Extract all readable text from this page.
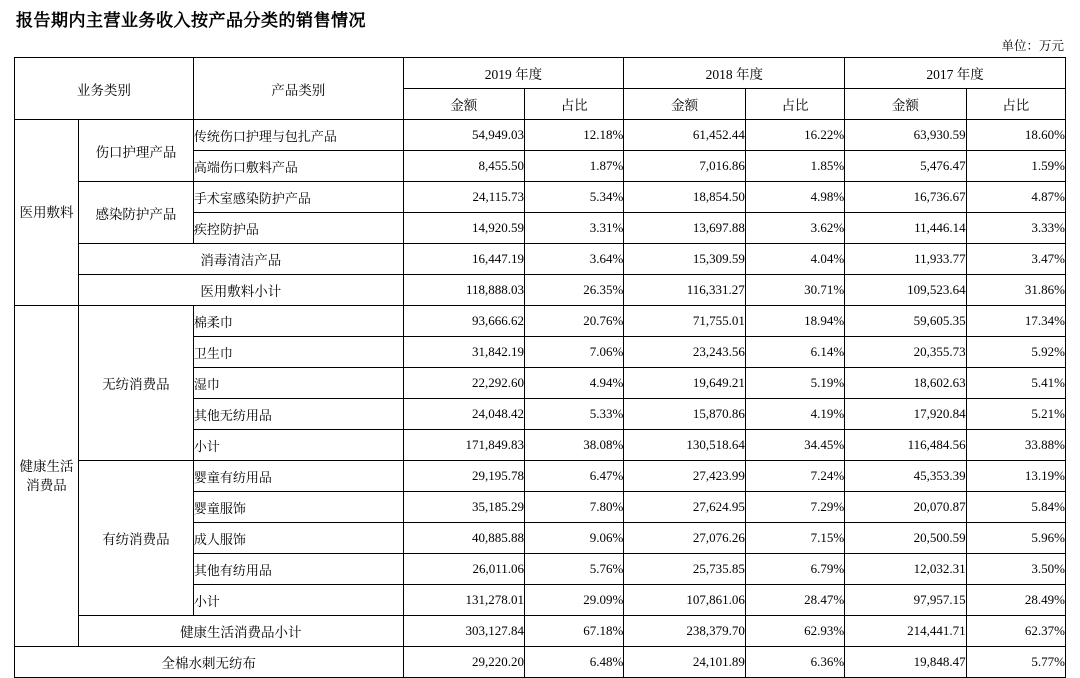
报告期内主营业务收入按产品分类的销售情况
单位：万元
业务类别		产品类别	2019 年度		2018 年度		2017 年度	
			金额	占比	金额	占比	金额	占比
医用敷料	伤口护理产品	传统伤口护理与包扎产品	54,949.03	12.18%	61,452.44	16.22%	63,930.59	18.60%
		高端伤口敷料产品	8,455.50	1.87%	7,016.86	1.85%	5,476.47	1.59%
	感染防护产品	手术室感染防护产品	24,115.73	5.34%	18,854.50	4.98%	16,736.67	4.87%
		疾控防护品	14,920.59	3.31%	13,697.88	3.62%	11,446.14	3.33%
	消毒清洁产品		16,447.19	3.64%	15,309.59	4.04%	11,933.77	3.47%
	医用敷料小计		118,888.03	26.35%	116,331.27	30.71%	109,523.64	31.86%
健康生活消费品	无纺消费品	棉柔巾	93,666.62	20.76%	71,755.01	18.94%	59,605.35	17.34%
		卫生巾	31,842.19	7.06%	23,243.56	6.14%	20,355.73	5.92%
		湿巾	22,292.60	4.94%	19,649.21	5.19%	18,602.63	5.41%
		其他无纺用品	24,048.42	5.33%	15,870.86	4.19%	17,920.84	5.21%
		小计	171,849.83	38.08%	130,518.64	34.45%	116,484.56	33.88%
	有纺消费品	婴童有纺用品	29,195.78	6.47%	27,423.99	7.24%	45,353.39	13.19%
		婴童服饰	35,185.29	7.80%	27,624.95	7.29%	20,070.87	5.84%
		成人服饰	40,885.88	9.06%	27,076.26	7.15%	20,500.59	5.96%
		其他有纺用品	26,011.06	5.76%	25,735.85	6.79%	12,032.31	3.50%
		小计	131,278.01	29.09%	107,861.06	28.47%	97,957.15	28.49%
	健康生活消费品小计		303,127.84	67.18%	238,379.70	62.93%	214,441.71	62.37%
全棉水刺无纺布			29,220.20	6.48%	24,101.89	6.36%	19,848.47	5.77%
